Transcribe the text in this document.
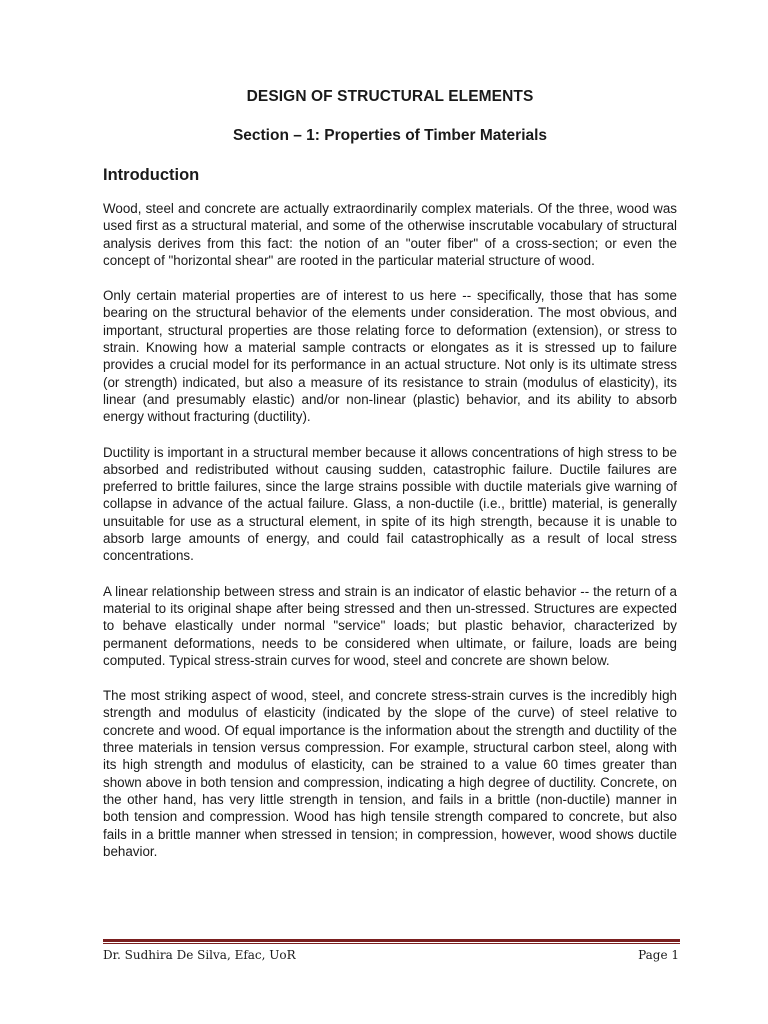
DESIGN OF STRUCTURAL ELEMENTS
Section – 1: Properties of Timber Materials
Introduction

Wood, steel and concrete are actually extraordinarily complex materials. Of the three, wood was used first as a structural material, and some of the otherwise inscrutable vocabulary of structural analysis derives from this fact: the notion of an "outer fiber" of a cross-section; or even the concept of "horizontal shear" are rooted in the particular material structure of wood.

Only certain material properties are of interest to us here -- specifically, those that has some bearing on the structural behavior of the elements under consideration. The most obvious, and important, structural properties are those relating force to deformation (extension), or stress to strain. Knowing how a material sample contracts or elongates as it is stressed up to failure provides a crucial model for its performance in an actual structure. Not only is its ultimate stress (or strength) indicated, but also a measure of its resistance to strain (modulus of elasticity), its linear (and presumably elastic) and/or non-linear (plastic) behavior, and its ability to absorb energy without fracturing (ductility).

Ductility is important in a structural member because it allows concentrations of high stress to be absorbed and redistributed without causing sudden, catastrophic failure. Ductile failures are preferred to brittle failures, since the large strains possible with ductile materials give warning of collapse in advance of the actual failure. Glass, a non-ductile (i.e., brittle) material, is generally unsuitable for use as a structural element, in spite of its high strength, because it is unable to absorb large amounts of energy, and could fail catastrophically as a result of local stress concentrations.

A linear relationship between stress and strain is an indicator of elastic behavior -- the return of a material to its original shape after being stressed and then un-stressed. Structures are expected to behave elastically under normal "service" loads; but plastic behavior, characterized by permanent deformations, needs to be considered when ultimate, or failure, loads are being computed. Typical stress-strain curves for wood, steel and concrete are shown below.

The most striking aspect of wood, steel, and concrete stress-strain curves is the incredibly high strength and modulus of elasticity (indicated by the slope of the curve) of steel relative to concrete and wood. Of equal importance is the information about the strength and ductility of the three materials in tension versus compression. For example, structural carbon steel, along with its high strength and modulus of elasticity, can be strained to a value 60 times greater than shown above in both tension and compression, indicating a high degree of ductility. Concrete, on the other hand, has very little strength in tension, and fails in a brittle (non-ductile) manner in both tension and compression. Wood has high tensile strength compared to concrete, but also fails in a brittle manner when stressed in tension; in compression, however, wood shows ductile behavior.

Dr. Sudhira De Silva, Efac, UoR	Page 1
